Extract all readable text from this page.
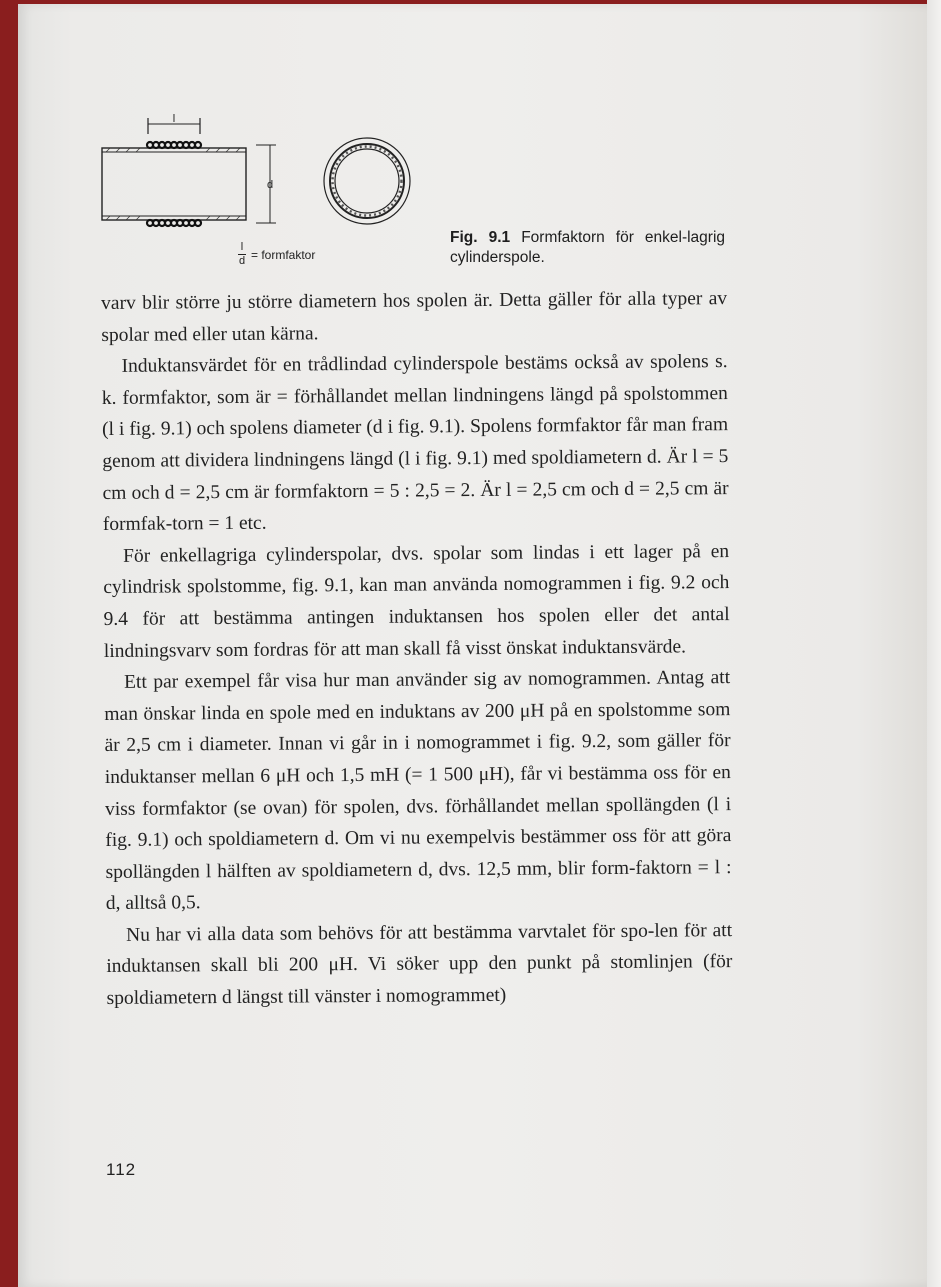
l
d
$\frac{l}{d}$ = formfaktor
Fig. 9.1 Formfaktorn för enkel-lagrig cylinderspole.

varv blir större ju större diametern hos spolen är. Detta gäller för alla typer av spolar med eller utan kärna.

Induktansvärdet för en trådlindad cylinderspole bestäms också av spolens s. k. formfaktor, som är = förhållandet mellan lindningens längd på spolstommen (l i fig. 9.1) och spolens diameter (d i fig. 9.1). Spolens formfaktor får man fram genom att dividera lindningens längd (l i fig. 9.1) med spoldiametern d. Är l = 5 cm och d = 2,5 cm är formfaktorn = 5 : 2,5 = 2. Är l = 2,5 cm och d = 2,5 cm är formfak-torn = 1 etc.

För enkellagriga cylinderspolar, dvs. spolar som lindas i ett lager på en cylindrisk spolstomme, fig. 9.1, kan man använda nomogrammen i fig. 9.2 och 9.4 för att bestämma antingen induktansen hos spolen eller det antal lindningsvarv som fordras för att man skall få visst önskat induktansvärde.

Ett par exempel får visa hur man använder sig av nomogrammen. Antag att man önskar linda en spole med en induktans av 200 μH på en spolstomme som är 2,5 cm i diameter. Innan vi går in i nomogrammet i fig. 9.2, som gäller för induktanser mellan 6 μH och 1,5 mH (= 1 500 μH), får vi bestämma oss för en viss formfaktor (se ovan) för spolen, dvs. förhållandet mellan spollängden (l i fig. 9.1) och spoldiametern d. Om vi nu exempelvis bestämmer oss för att göra spollängden l hälften av spoldiametern d, dvs. 12,5 mm, blir form-faktorn = l : d, alltså 0,5.

Nu har vi alla data som behövs för att bestämma varvtalet för spo-len för att induktansen skall bli 200 μH. Vi söker upp den punkt på stomlinjen (för spoldiametern d längst till vänster i nomogrammet)

112
